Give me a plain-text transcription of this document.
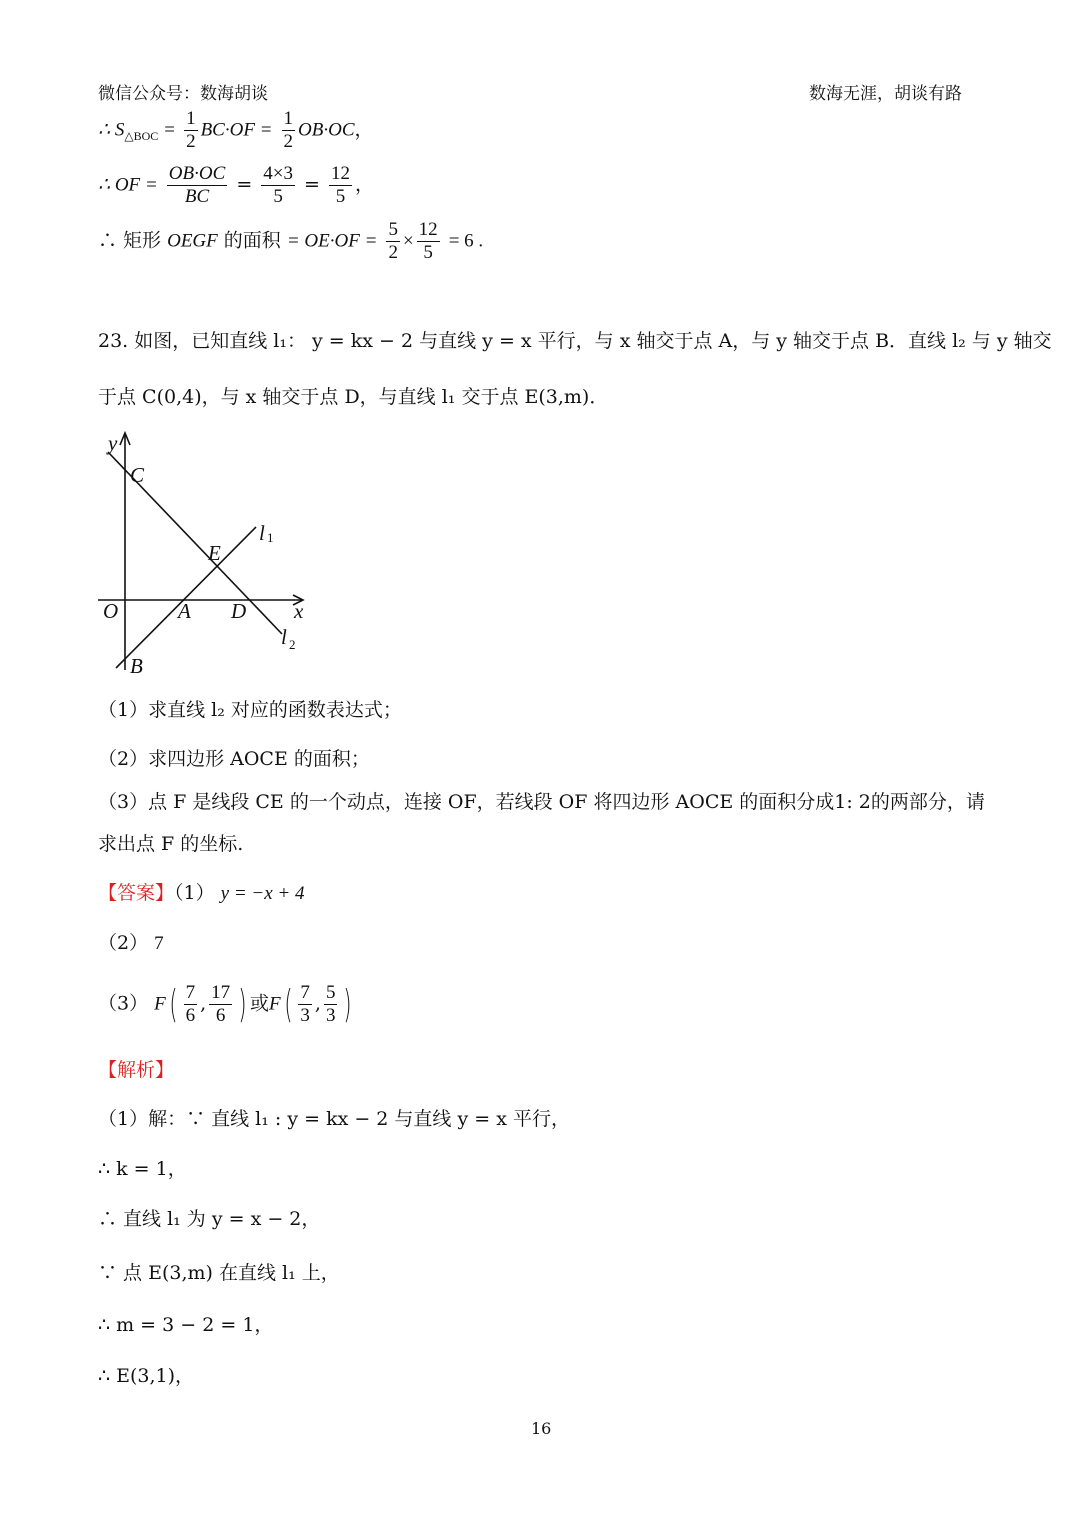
微信公众号：数海胡谈	数海无涯，胡谈有路
∴ $S_{\triangle BOC} = \frac{1}{2} BC\cdot OF = \frac{1}{2} OB\cdot OC$，
∴ OF = $\frac{OB\cdot OC}{BC} = \frac{4\times 3}{5} = \frac{12}{5}$ ，
∴ 矩形 OEGF 的面积 = $OE\cdot OF = \frac{5}{2} \times \frac{12}{5} = 6$ .
23. 如图，已知直线 l₁： y = kx − 2 与直线 y = x 平行，与 x 轴交于点 A，与 y 轴交于点 B．直线 l₂ 与 y 轴交
于点 C(0,4)，与 x 轴交于点 D，与直线 l₁ 交于点 E(3,m)．
y
C
l 1
E
O	A D x
l 2
B
（1）求直线 l₂ 对应的函数表达式；
（2）求四边形 AOCE 的面积；
（3）点 F 是线段 CE 的一个动点，连接 OF，若线段 OF 将四边形 AOCE 的面积分成1: 2的两部分，请
求出点 F 的坐标.
【答案】（1） y = −x + 4
（2） 7
（3） $F( \frac{7}{6}$ , $\frac{17}{6}$ ) 或$F( \frac{7}{3}$ , $\frac{5}{3}$ )
【解析】
（1）解：∵ 直线 l₁ : y = kx − 2 与直线 y = x 平行，
∴ k = 1，
∴ 直线 l₁ 为 y = x − 2，
∵ 点 E(3,m) 在直线 l₁ 上，
∴ m = 3 − 2 = 1，
∴ E(3,1)，
16
